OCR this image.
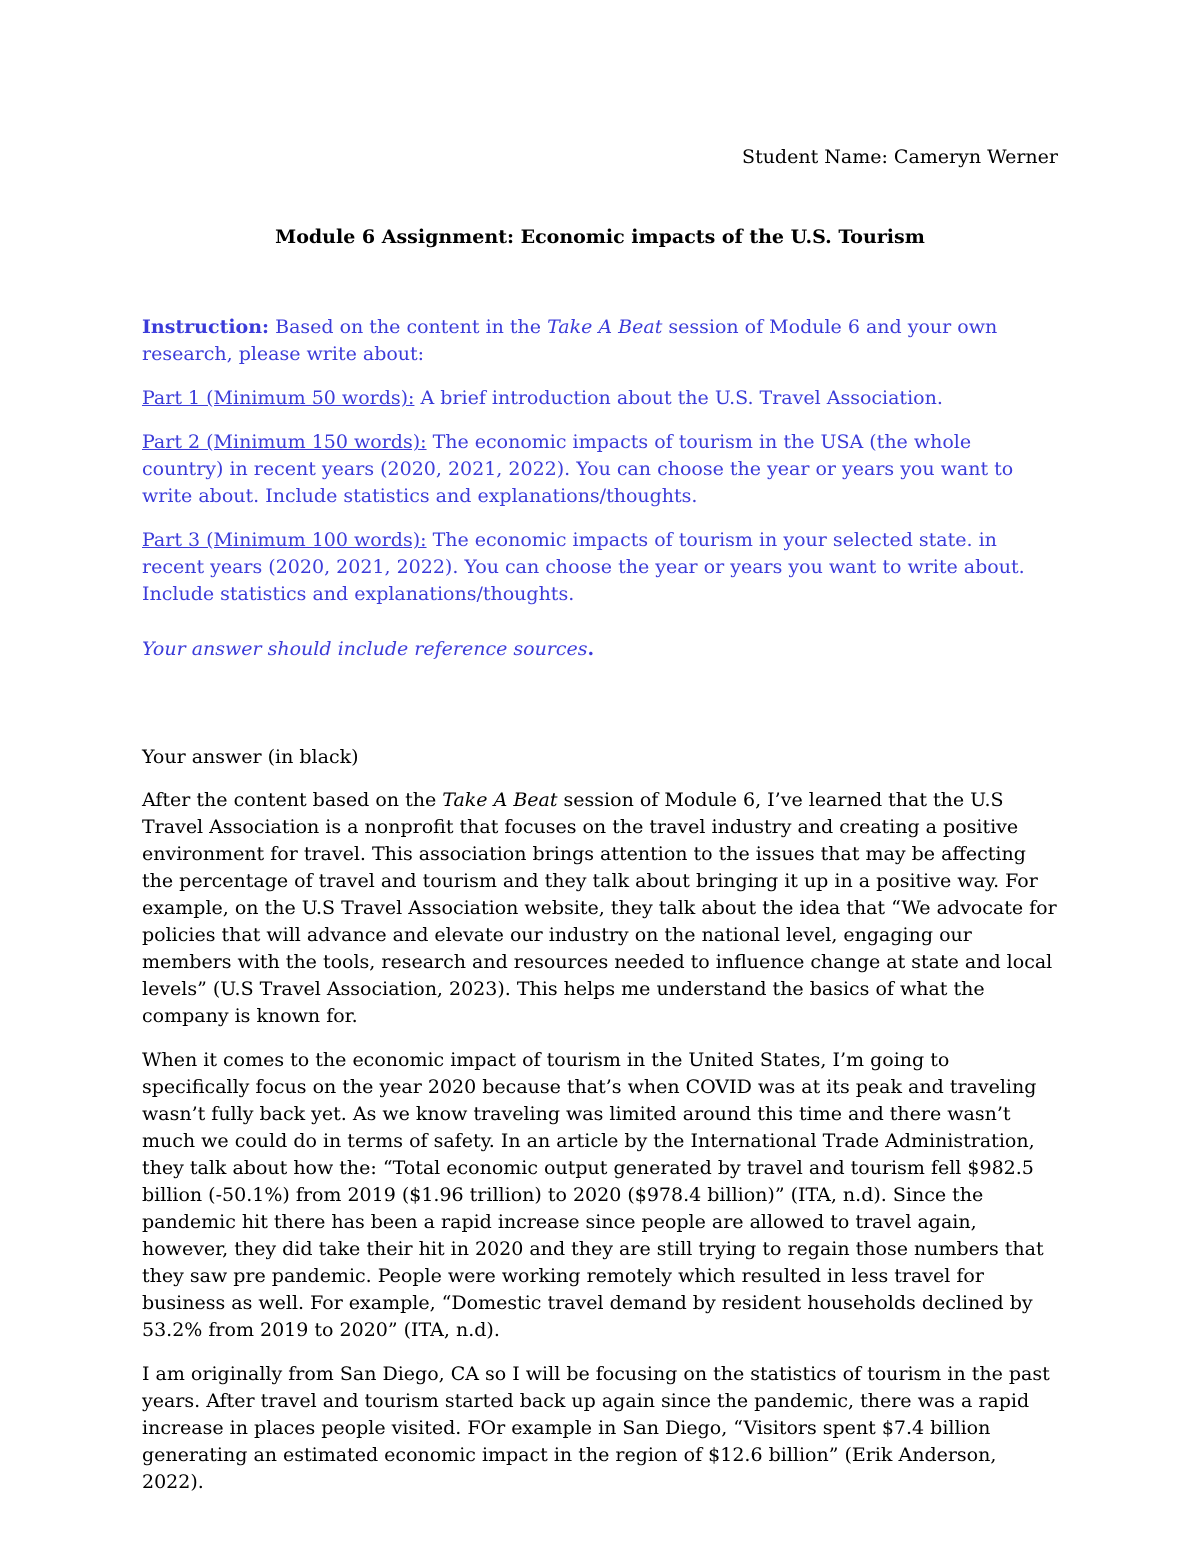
Student Name: Cameryn Werner
Module 6 Assignment: Economic impacts of the U.S. Tourism

Instruction: Based on the content in the Take A Beat session of Module 6 and your own research, please write about:

Part 1 (Minimum 50 words): A brief introduction about the U.S. Travel Association.

Part 2 (Minimum 150 words): The economic impacts of tourism in the USA (the whole country) in recent years (2020, 2021, 2022). You can choose the year or years you want to write about. Include statistics and explanations/thoughts.

Part 3 (Minimum 100 words): The economic impacts of tourism in your selected state. in recent years (2020, 2021, 2022). You can choose the year or years you want to write about. Include statistics and explanations/thoughts.

Your answer should include reference sources.

Your answer (in black)

After the content based on the Take A Beat session of Module 6, I’ve learned that the U.S Travel Association is a nonprofit that focuses on the travel industry and creating a positive environment for travel. This association brings attention to the issues that may be affecting the percentage of travel and tourism and they talk about bringing it up in a positive way. For example, on the U.S Travel Association website, they talk about the idea that “We advocate for policies that will advance and elevate our industry on the national level, engaging our members with the tools, research and resources needed to influence change at state and local levels” (U.S Travel Association, 2023). This helps me understand the basics of what the company is known for.

When it comes to the economic impact of tourism in the United States, I’m going to specifically focus on the year 2020 because that’s when COVID was at its peak and traveling wasn’t fully back yet. As we know traveling was limited around this time and there wasn’t much we could do in terms of safety. In an article by the International Trade Administration, they talk about how the: “Total economic output generated by travel and tourism fell $982.5 billion (-50.1%) from 2019 ($1.96 trillion) to 2020 ($978.4 billion)” (ITA, n.d). Since the pandemic hit there has been a rapid increase since people are allowed to travel again, however, they did take their hit in 2020 and they are still trying to regain those numbers that they saw pre pandemic. People were working remotely which resulted in less travel for business as well. For example, “Domestic travel demand by resident households declined by 53.2% from 2019 to 2020” (ITA, n.d).

I am originally from San Diego, CA so I will be focusing on the statistics of tourism in the past years. After travel and tourism started back up again since the pandemic, there was a rapid increase in places people visited. FOr example in San Diego, “Visitors spent $7.4 billion generating an estimated economic impact in the region of $12.6 billion” (Erik Anderson, 2022).
